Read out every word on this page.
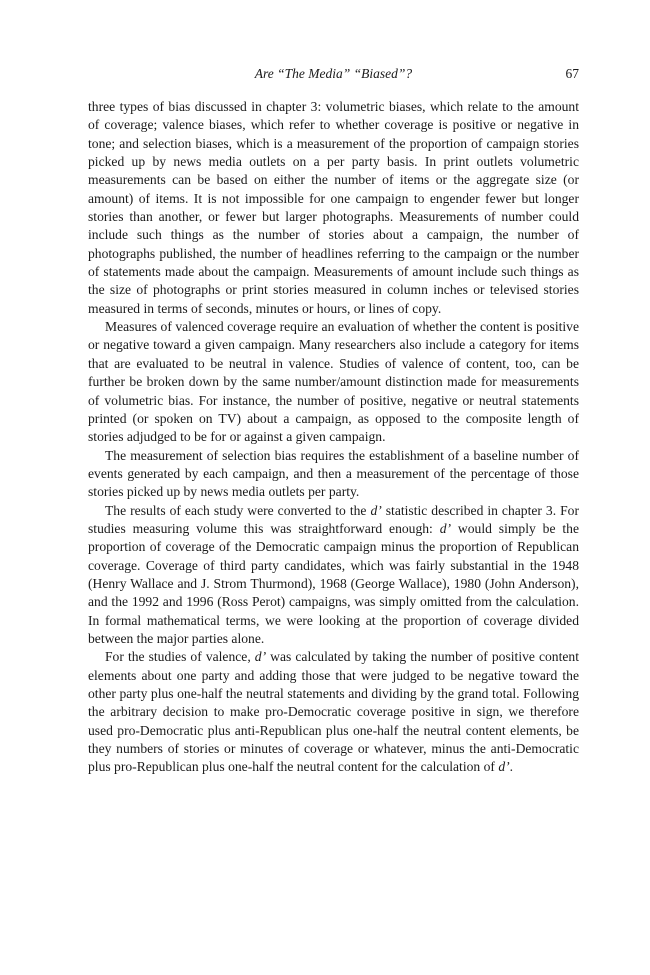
Are “The Media” “Biased”?	67

three types of bias discussed in chapter 3: volumetric biases, which relate to the amount of coverage; valence biases, which refer to whether coverage is positive or negative in tone; and selection biases, which is a measurement of the proportion of campaign stories picked up by news media outlets on a per party basis. In print outlets volumetric measurements can be based on either the number of items or the aggregate size (or amount) of items. It is not impossible for one campaign to engender fewer but longer stories than another, or fewer but larger photographs. Measurements of number could include such things as the number of stories about a campaign, the number of photographs published, the number of headlines referring to the campaign or the number of statements made about the campaign. Measurements of amount include such things as the size of photographs or print stories measured in column inches or televised stories measured in terms of seconds, minutes or hours, or lines of copy.

Measures of valenced coverage require an evaluation of whether the content is positive or negative toward a given campaign. Many researchers also include a category for items that are evaluated to be neutral in valence. Studies of valence of content, too, can be further be broken down by the same number/amount distinction made for measurements of volumetric bias. For instance, the number of positive, negative or neutral statements printed (or spoken on TV) about a campaign, as opposed to the composite length of stories adjudged to be for or against a given campaign.

The measurement of selection bias requires the establishment of a baseline number of events generated by each campaign, and then a measurement of the percentage of those stories picked up by news media outlets per party.

The results of each study were converted to the d’ statistic described in chapter 3. For studies measuring volume this was straightforward enough: d’ would simply be the proportion of coverage of the Democratic campaign minus the proportion of Republican coverage. Coverage of third party candidates, which was fairly substantial in the 1948 (Henry Wallace and J. Strom Thurmond), 1968 (George Wallace), 1980 (John Anderson), and the 1992 and 1996 (Ross Perot) campaigns, was simply omitted from the calculation. In formal mathematical terms, we were looking at the proportion of coverage divided between the major parties alone.

For the studies of valence, d’ was calculated by taking the number of positive content elements about one party and adding those that were judged to be negative toward the other party plus one-half the neutral statements and dividing by the grand total. Following the arbitrary decision to make pro-Democratic coverage positive in sign, we therefore used pro-Democratic plus anti-Republican plus one-half the neutral content elements, be they numbers of stories or minutes of coverage or whatever, minus the anti-Democratic plus pro-Republican plus one-half the neutral content for the calculation of d’.
